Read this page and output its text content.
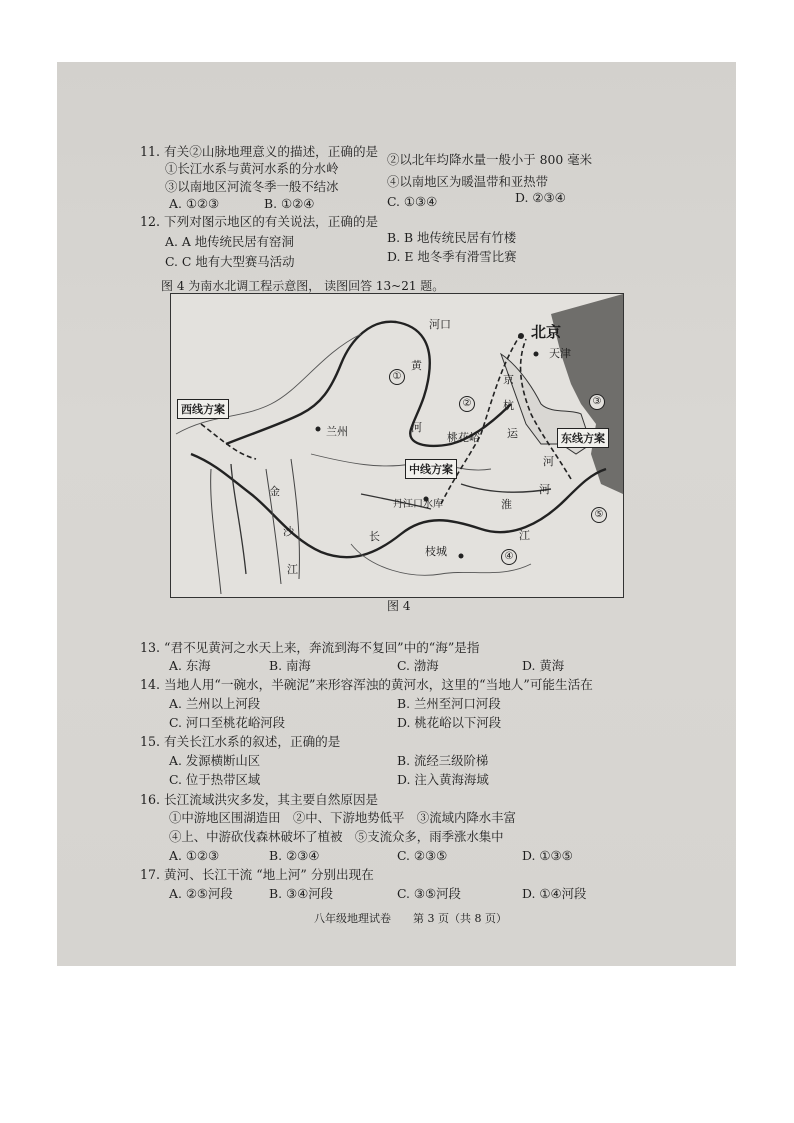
11. 有关②山脉地理意义的描述，正确的是
①长江水系与黄河水系的分水岭
②以北年均降水量一般小于 800 毫米
③以南地区河流冬季一般不结冰	④以南地区为暖温带和亚热带
A. ①②③	B. ①②④	C. ①③④	D. ②③④
12. 下列对图示地区的有关说法，正确的是
A. A 地传统民居有窑洞	B. B 地传统民居有竹楼
C. C 地有大型赛马活动	D. E 地冬季有滑雪比赛
图 4 为南水北调工程示意图， 读图回答 13~21 题。
河口	北京
天津
黄
河
京
杭
运
河
兰州	桃花峪
丹江口水库
长	江
枝城
淮
河
金
沙
江
①
②	③
④
⑤
西线方案
中线方案
东线方案
图 4
13. “君不见黄河之水天上来，奔流到海不复回”中的“海”是指
A. 东海	B. 南海	C. 渤海	D. 黄海
14. 当地人用“一碗水，半碗泥”来形容浑浊的黄河水，这里的“当地人”可能生活在
A. 兰州以上河段	B. 兰州至河口河段
C. 河口至桃花峪河段	D. 桃花峪以下河段
15. 有关长江水系的叙述，正确的是
A. 发源横断山区	B. 流经三级阶梯
C. 位于热带区域	D. 注入黄海海域
16. 长江流域洪灾多发，其主要自然原因是
①中游地区围湖造田　②中、下游地势低平　③流域内降水丰富
④上、中游砍伐森林破坏了植被　⑤支流众多，雨季涨水集中
A. ①②③	B. ②③④	C. ②③⑤	D. ①③⑤
17. 黄河、长江干流 “地上河” 分别出现在
A. ②⑤河段	B. ③④河段	C. ③⑤河段	D. ①④河段
八年级地理试卷　　第 3 页（共 8 页）
